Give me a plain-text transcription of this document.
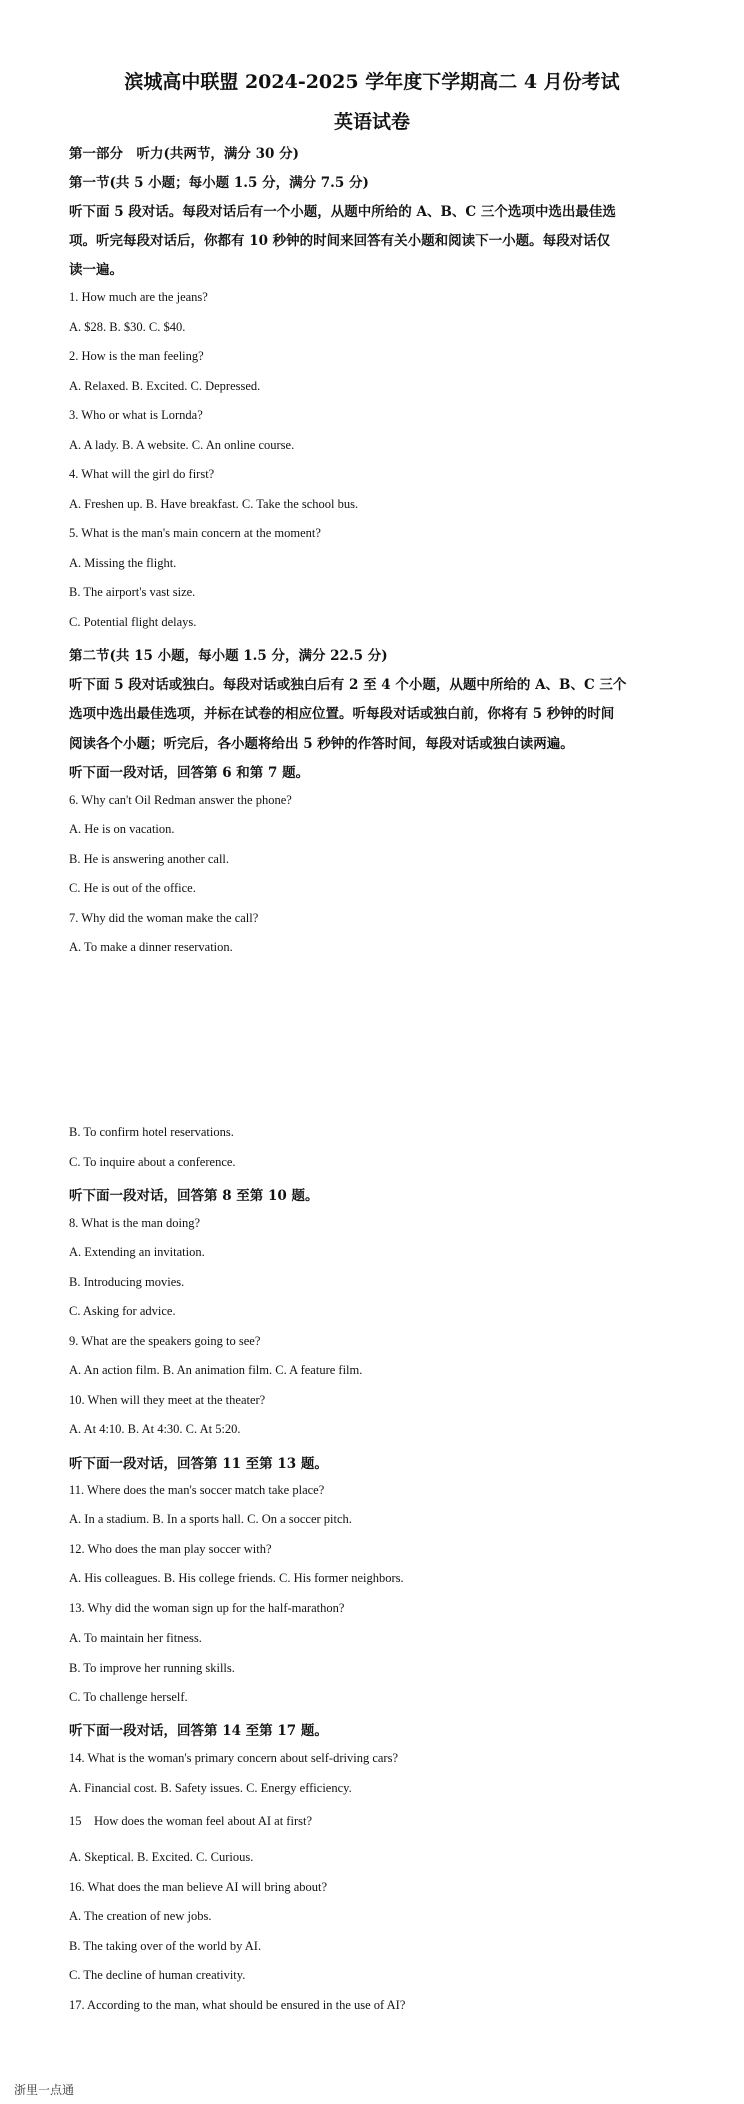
滨城高中联盟 2024-2025 学年度下学期高二 4 月份考试
英语试卷
第一部分　听力(共两节，满分 30 分)
第一节(共 5 小题；每小题 1.5 分，满分 7.5 分)
听下面 5 段对话。每段对话后有一个小题，从题中所给的 A、B、C 三个选项中选出最佳选
项。听完每段对话后，你都有 10 秒钟的时间来回答有关小题和阅读下一小题。每段对话仅
读一遍。
1. How much are the jeans?
A. $28. B. $30. C. $40.
2. How is the man feeling?
A. Relaxed. B. Excited. C. Depressed.
3. Who or what is Lornda?
A. A lady. B. A website. C. An online course.
4. What will the girl do first?
A. Freshen up. B. Have breakfast. C. Take the school bus.
5. What is the man's main concern at the moment?
A. Missing the flight.
B. The airport's vast size.
C. Potential flight delays.
第二节(共 15 小题，每小题 1.5 分，满分 22.5 分)
听下面 5 段对话或独白。每段对话或独白后有 2 至 4 个小题，从题中所给的 A、B、C 三个
选项中选出最佳选项，并标在试卷的相应位置。听每段对话或独白前，你将有 5 秒钟的时间
阅读各个小题；听完后，各小题将给出 5 秒钟的作答时间，每段对话或独白读两遍。
听下面一段对话，回答第 6 和第 7 题。
6. Why can't Oil Redman answer the phone?
A. He is on vacation.
B. He is answering another call.
C. He is out of the office.
7. Why did the woman make the call?
A. To make a dinner reservation.
B. To confirm hotel reservations.
C. To inquire about a conference.
听下面一段对话，回答第 8 至第 10 题。
8. What is the man doing?
A. Extending an invitation.
B. Introducing movies.
C. Asking for advice.
9. What are the speakers going to see?
A. An action film. B. An animation film. C. A feature film.
10. When will they meet at the theater?
A. At 4:10. B. At 4:30. C. At 5:20.
听下面一段对话，回答第 11 至第 13 题。
11. Where does the man's soccer match take place?
A. In a stadium. B. In a sports hall. C. On a soccer pitch.
12. Who does the man play soccer with?
A. His colleagues. B. His college friends. C. His former neighbors.
13. Why did the woman sign up for the half-marathon?
A. To maintain her fitness.
B. To improve her running skills.
C. To challenge herself.
听下面一段对话，回答第 14 至第 17 题。
14. What is the woman's primary concern about self-driving cars?
A. Financial cost. B. Safety issues. C. Energy efficiency.
15　How does the woman feel about AI at first?
A. Skeptical. B. Excited. C. Curious.
16. What does the man believe AI will bring about?
A. The creation of new jobs.
B. The taking over of the world by AI.
C. The decline of human creativity.
17. According to the man, what should be ensured in the use of AI?
浙里一点通
